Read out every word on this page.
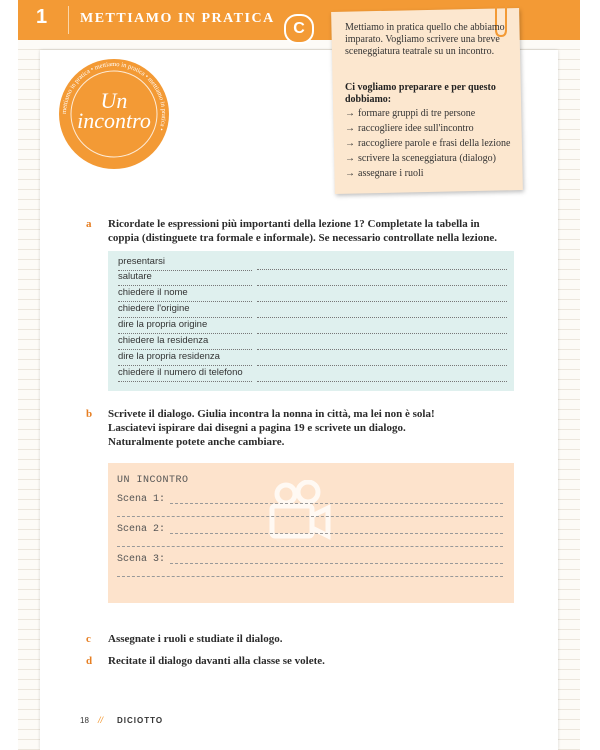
1 METTIAMO IN PRATICA
C
mettiamo in pratica • mettiamo in pratica • mettiamo in pratica •
Un
incontro
Mettiamo in pratica quello che abbiamo imparato. Vogliamo scrivere una breve sceneggiatura teatrale su un incontro.
Ci vogliamo preparare e per questo dobbiamo:
→ formare gruppi di tre persone
→ raccogliere idee sull'incontro
→ raccogliere parole e frasi della lezione
→ scrivere la sceneggiatura (dialogo)
→ assegnare i ruoli
a Ricordate le espressioni più importanti della lezione 1? Completate la tabella in
coppia (distinguete tra formale e informale). Se necessario controllate nella lezione.
presentarsi
salutare
chiedere il nome
chiedere l'origine
dire la propria origine
chiedere la residenza
dire la propria residenza
chiedere il numero di telefono
b Scrivete il dialogo. Giulia incontra la nonna in città, ma lei non è sola!
Lasciatevi ispirare dai disegni a pagina 19 e scrivete un dialogo.
Naturalmente potete anche cambiare.
UN INCONTRO
Scena 1:
Scena 2:
Scena 3:
c Assegnate i ruoli e studiate il dialogo.
d Recitate il dialogo davanti alla classe se volete.
18 // DICIOTTO
